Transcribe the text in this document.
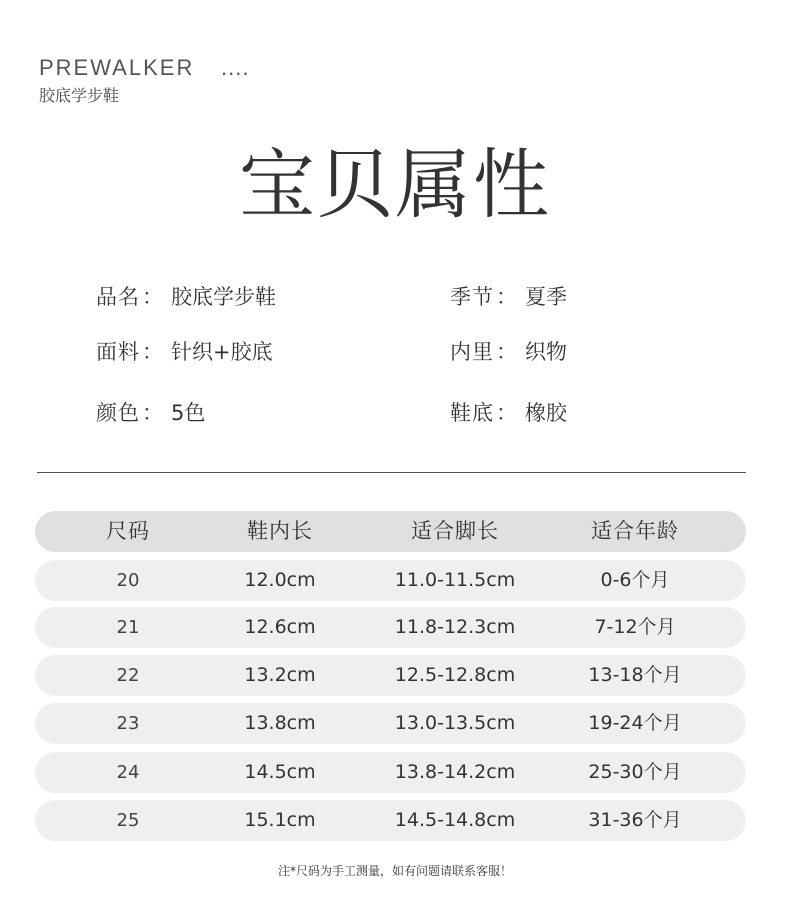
PREWALKER ....
胶底学步鞋
宝贝属性
品名： 胶底学步鞋	季节： 夏季
面料： 针织+胶底	内里： 织物
颜色： 5色	鞋底： 橡胶
尺码	鞋内长	适合脚长	适合年龄
20	12.0cm	11.0-11.5cm	0-6个月
21	12.6cm	11.8-12.3cm	7-12个月
22	13.2cm	12.5-12.8cm	13-18个月
23	13.8cm	13.0-13.5cm	19-24个月
24	14.5cm	13.8-14.2cm	25-30个月
25	15.1cm	14.5-14.8cm	31-36个月
注*尺码为手工测量，如有问题请联系客服！
